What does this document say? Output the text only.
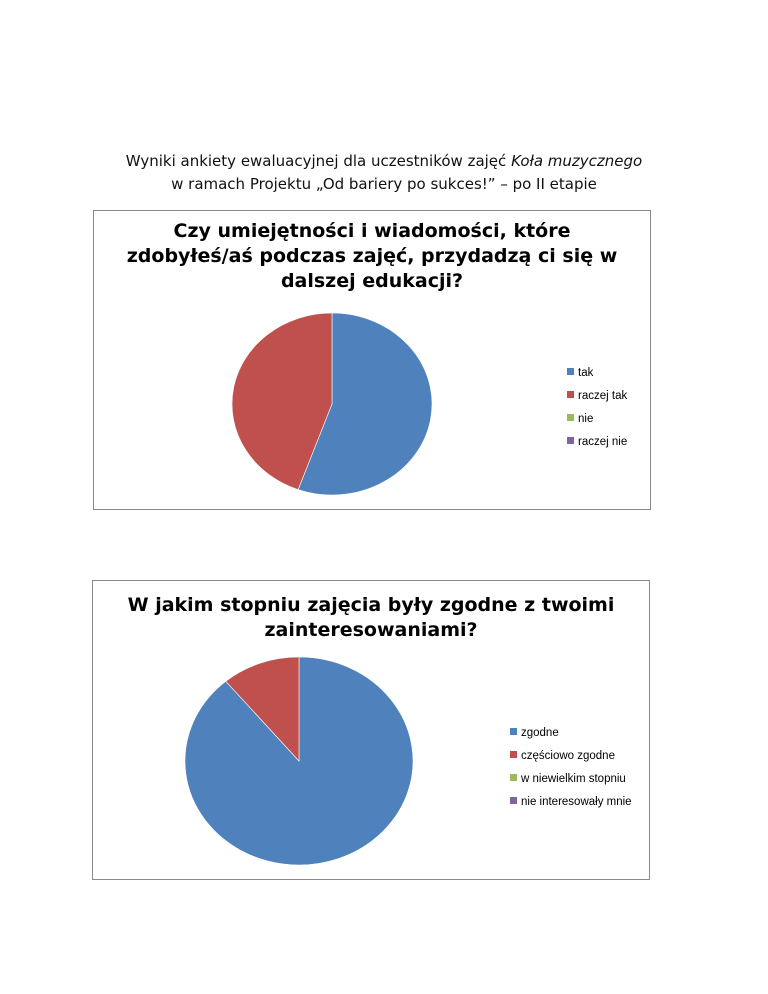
Wyniki ankiety ewaluacyjnej dla uczestników zajęć Koła muzycznego
w ramach Projektu „Od bariery po sukces!” – po II etapie
Czy umiejętności i wiadomości, które
zdobyłeś/aś podczas zajęć, przydadzą ci się w
dalszej edukacji?
tak
raczej tak
nie
raczej nie
W jakim stopniu zajęcia były zgodne z twoimi
zainteresowaniami?
zgodne
częściowo zgodne
w niewielkim stopniu
nie interesowały mnie
